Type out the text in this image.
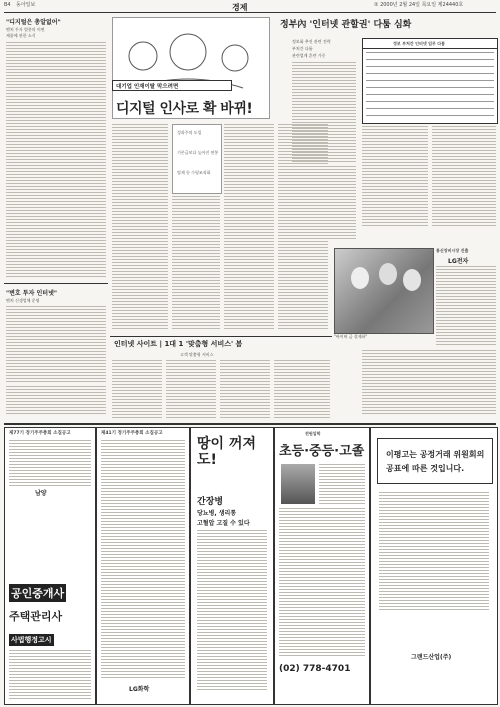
B4 동아일보	경제	② 2000년 2월 24일 목요일 제24440호
"디지털은 총알없어"
벤처 투자 열풍의 이면
제품에 관한 소식
"변호 투자 인터넷"
벤처 신생업체 운영
대기업 인재이탈 막으려면
디지털 인사로 확 바뀌!
성과주의 도입
기존급보다 높아진 연봉
팀제 등 수평조직화
정부內 '인터넷 관할권' 다툼 심화
정보화 추진 관련 전략
부처간 다툼
관련업계 혼란 가중
정보 부처간 인터넷 업무 다툼
"싸이버 금 결제하"
통신장비시장 진출
LG전자
인터넷 사이트 | 1대 1 '맞춤형 서비스' 봄
고객 맞춤형 서비스
제77기 정기주주총회 소집공고
남양
공인중개사
주택관리사
사법행정고시
제41기 정기주주총회 소집공고
LG화학
땅이 꺼져도!
간장병
당뇨병, 생리통
고혈압 고질 수 있다
전원입학
초등·중등·고졸
(02) 778-4701
이평고는 공정거래 위원회의
공표에 따른 것입니다.
그랜드산업(주)
